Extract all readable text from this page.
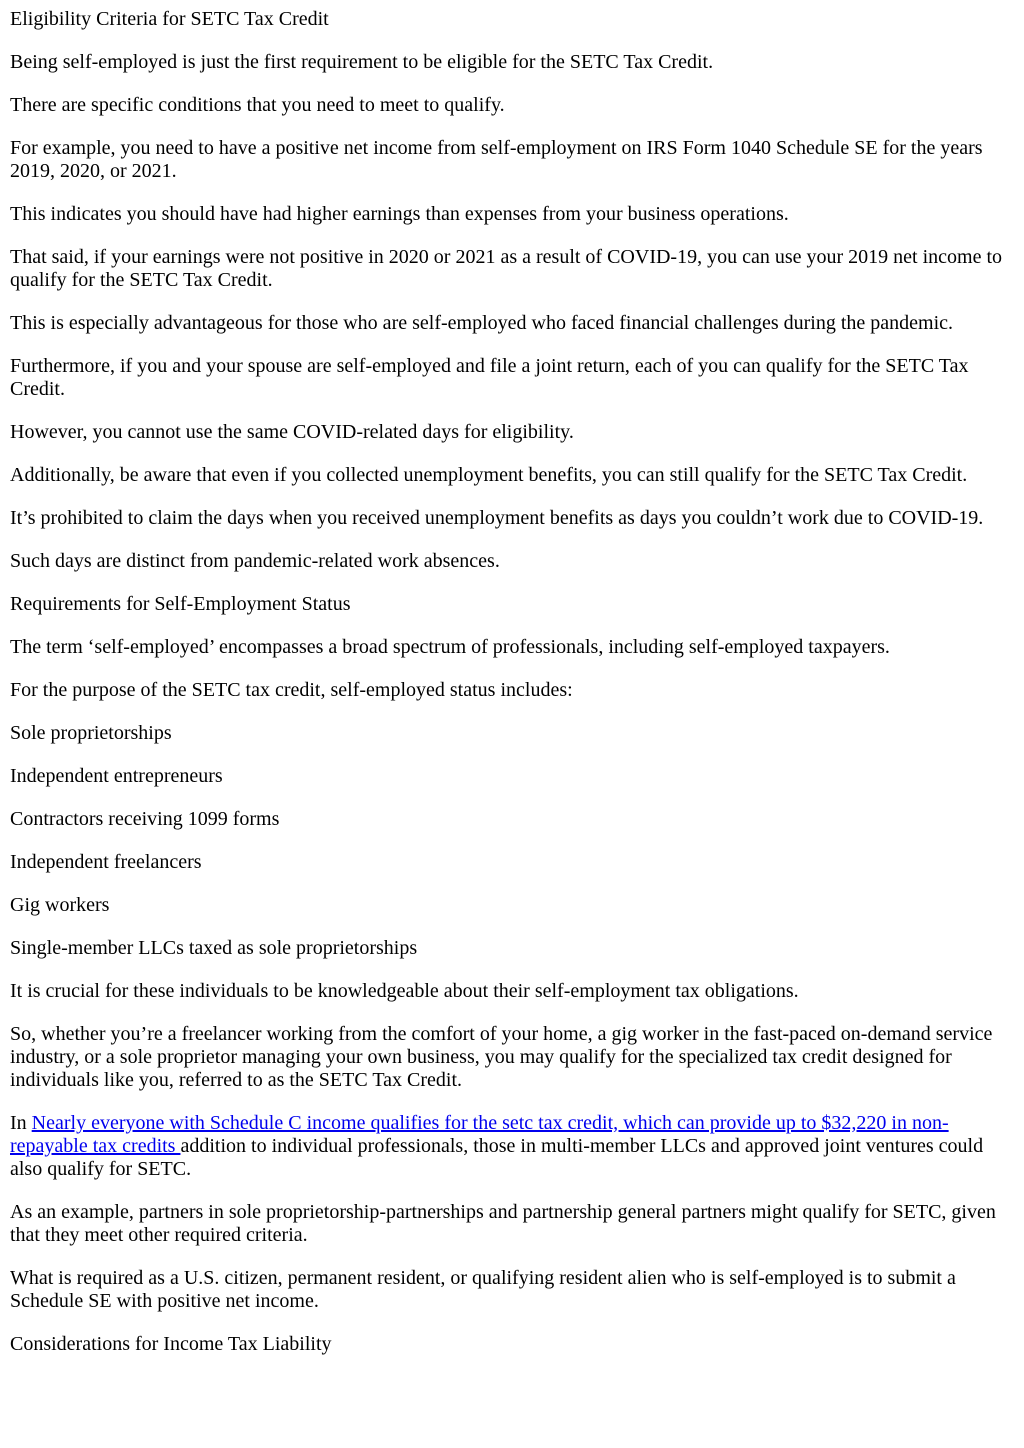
Eligibility Criteria for SETC Tax Credit

Being self-employed is just the first requirement to be eligible for the SETC Tax Credit.

There are specific conditions that you need to meet to qualify.

For example, you need to have a positive net income from self-employment on IRS Form 1040 Schedule SE for the years 2019, 2020, or 2021.

This indicates you should have had higher earnings than expenses from your business operations.

That said, if your earnings were not positive in 2020 or 2021 as a result of COVID-19, you can use your 2019 net income to qualify for the SETC Tax Credit.

This is especially advantageous for those who are self-employed who faced financial challenges during the pandemic.

Furthermore, if you and your spouse are self-employed and file a joint return, each of you can qualify for the SETC Tax Credit.

However, you cannot use the same COVID-related days for eligibility.

Additionally, be aware that even if you collected unemployment benefits, you can still qualify for the SETC Tax Credit.

It’s prohibited to claim the days when you received unemployment benefits as days you couldn’t work due to COVID-19.

Such days are distinct from pandemic-related work absences.

Requirements for Self-Employment Status

The term ‘self-employed’ encompasses a broad spectrum of professionals, including self-employed taxpayers.

For the purpose of the SETC tax credit, self-employed status includes:

Sole proprietorships

Independent entrepreneurs

Contractors receiving 1099 forms

Independent freelancers

Gig workers

Single-member LLCs taxed as sole proprietorships

It is crucial for these individuals to be knowledgeable about their self-employment tax obligations.

So, whether you’re a freelancer working from the comfort of your home, a gig worker in the fast-paced on-demand service industry, or a sole proprietor managing your own business, you may qualify for the specialized tax credit designed for individuals like you, referred to as the SETC Tax Credit.

In Nearly everyone with Schedule C income qualifies for the setc tax credit, which can provide up to $32,220 in non-repayable tax credits addition to individual professionals, those in multi-member LLCs and approved joint ventures could also qualify for SETC.

As an example, partners in sole proprietorship-partnerships and partnership general partners might qualify for SETC, given that they meet other required criteria.

What is required as a U.S. citizen, permanent resident, or qualifying resident alien who is self-employed is to submit a Schedule SE with positive net income.

Considerations for Income Tax Liability
